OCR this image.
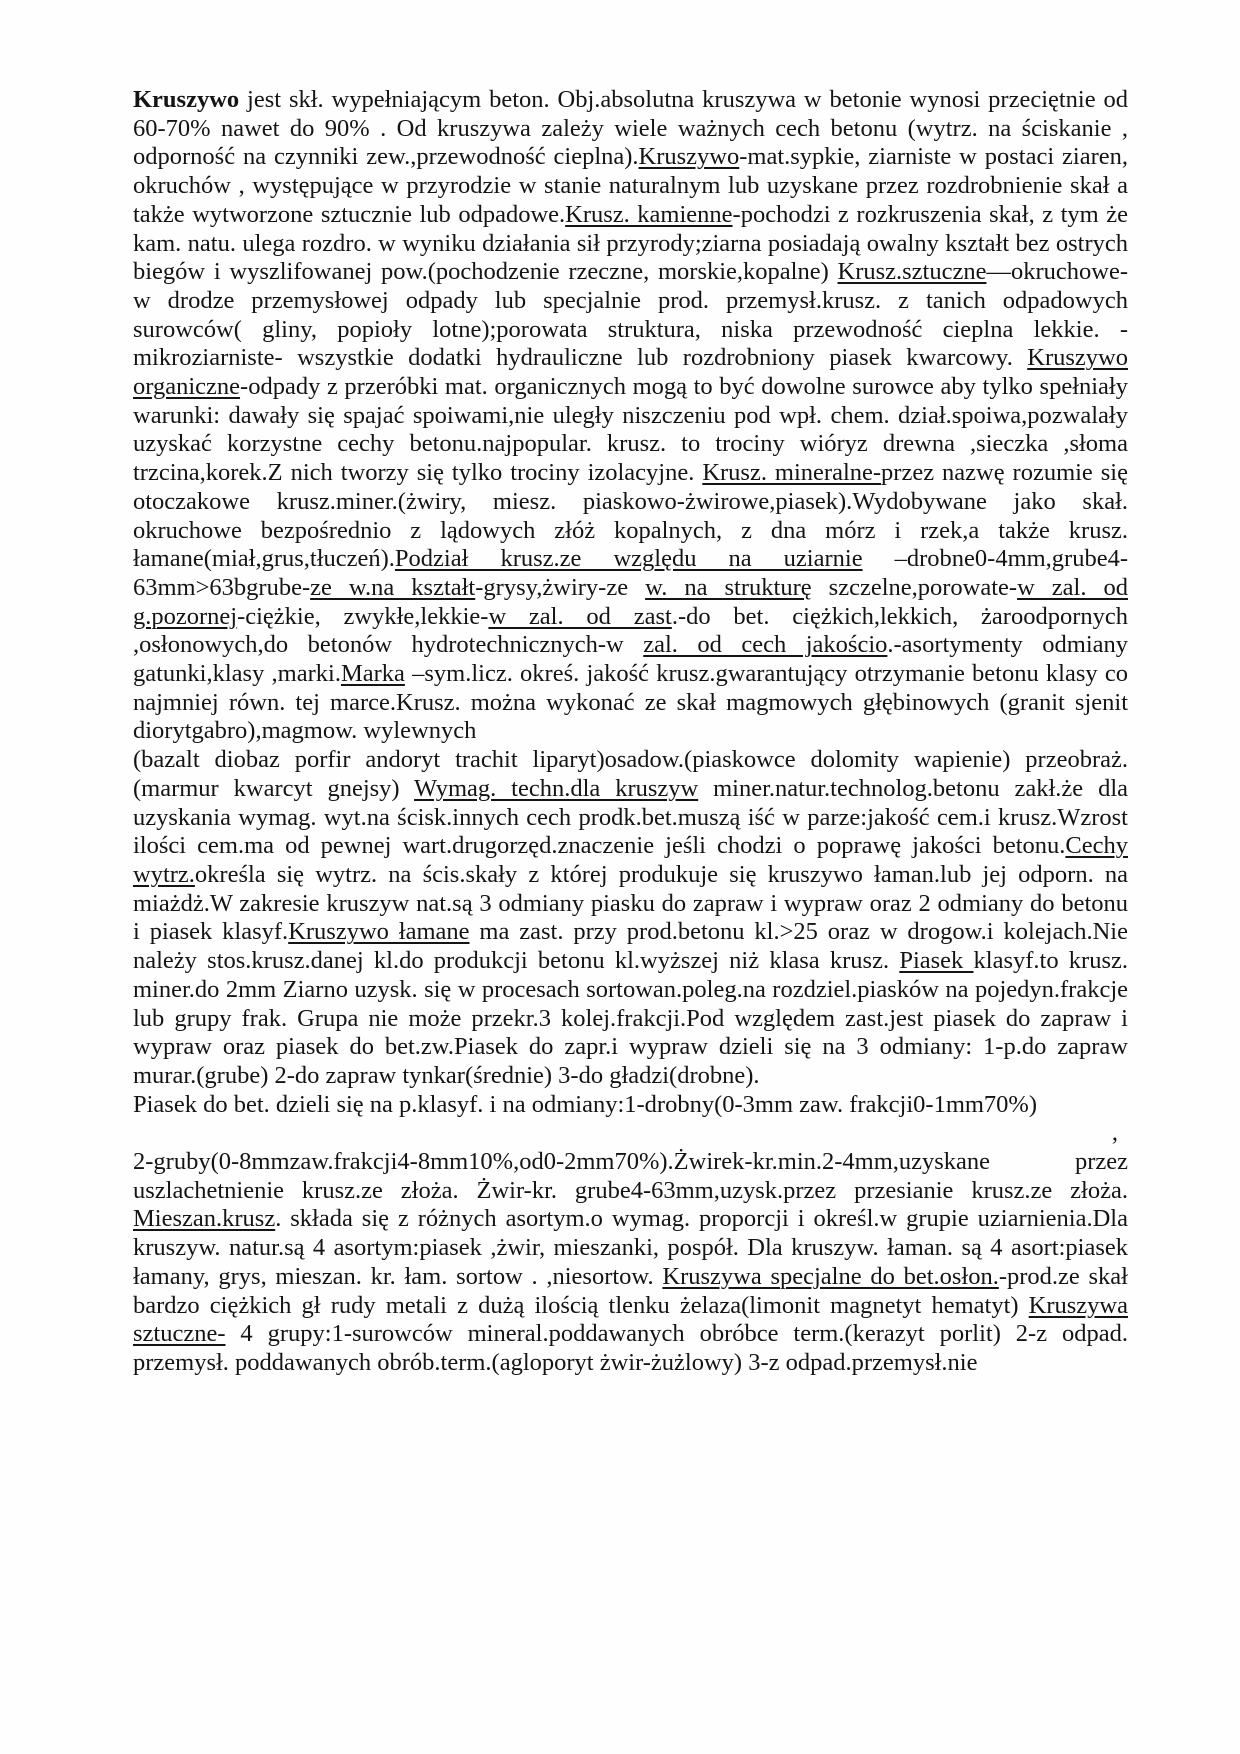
Kruszywo jest skł. wypełniającym beton. Obj.absolutna kruszywa w betonie wynosi przeciętnie od 60-70% nawet do 90% . Od kruszywa zależy wiele ważnych cech betonu (wytrz. na ściskanie , odporność na czynniki zew.,przewodność cieplna).Kruszywo-mat.sypkie, ziarniste w postaci ziaren, okruchów , występujące w przyrodzie w stanie naturalnym lub uzyskane przez rozdrobnienie skał a także wytworzone sztucznie lub odpadowe.Krusz. kamienne-pochodzi z rozkruszenia skał, z tym że kam. natu. ulega rozdro. w wyniku działania sił przyrody;ziarna posiadają owalny kształt bez ostrych biegów i wyszlifowanej pow.(pochodzenie rzeczne, morskie,kopalne) Krusz.sztuczne—okruchowe- w drodze przemysłowej odpady lub specjalnie prod. przemysł.krusz. z tanich odpadowych surowców( gliny, popioły lotne);porowata struktura, niska przewodność cieplna lekkie. -mikroziarniste- wszystkie dodatki hydrauliczne lub rozdrobniony piasek kwarcowy. Kruszywo organiczne-odpady z przeróbki mat. organicznych mogą to być dowolne surowce aby tylko spełniały warunki: dawały się spajać spoiwami,nie uległy niszczeniu pod wpł. chem. dział.spoiwa,pozwalały uzyskać korzystne cechy betonu.najpopular. krusz. to trociny wióryz drewna ,sieczka ,słoma trzcina,korek.Z nich tworzy się tylko trociny izolacyjne. Krusz. mineralne-przez nazwę rozumie się otoczakowe krusz.miner.(żwiry, miesz. piaskowo-żwirowe,piasek).Wydobywane jako skał. okruchowe bezpośrednio z lądowych złóż kopalnych, z dna mórz i rzek,a także krusz. łamane(miał,grus,tłuczeń).Podział krusz.ze względu na uziarnie –drobne0-4mm,grube4-63mm>63bgrube-ze w.na kształt-grysy,żwiry-ze w. na strukturę szczelne,porowate-w zal. od g.pozornej-ciężkie, zwykłe,lekkie-w zal. od zast.-do bet. ciężkich,lekkich, żaroodpornych ,osłonowych,do betonów hydrotechnicznych-w zal. od cech jakościo.-asortymenty odmiany gatunki,klasy ,marki.Marka –sym.licz. okreś. jakość krusz.gwarantujący otrzymanie betonu klasy co najmniej równ. tej marce.Krusz. można wykonać ze skał magmowych głębinowych (granit sjenit diorytgabro),magmow. wylewnych

(bazalt diobaz porfir andoryt trachit liparyt)osadow.(piaskowce dolomity wapienie) przeobraż. (marmur kwarcyt gnejsy) Wymag. techn.dla kruszyw miner.natur.technolog.betonu zakł.że dla uzyskania wymag. wyt.na ścisk.innych cech prodk.bet.muszą iść w parze:jakość cem.i krusz.Wzrost ilości cem.ma od pewnej wart.drugorzęd.znaczenie jeśli chodzi o poprawę jakości betonu.Cechy wytrz.określa się wytrz. na ścis.skały z której produkuje się kruszywo łaman.lub jej odporn. na miażdż.W zakresie kruszyw nat.są 3 odmiany piasku do zapraw i wypraw oraz 2 odmiany do betonu i piasek klasyf.Kruszywo łamane ma zast. przy prod.betonu kl.>25 oraz w drogow.i kolejach.Nie należy stos.krusz.danej kl.do produkcji betonu kl.wyższej niż klasa krusz. Piasek klasyf.to krusz. miner.do 2mm Ziarno uzysk. się w procesach sortowan.poleg.na rozdziel.piasków na pojedyn.frakcje lub grupy frak. Grupa nie może przekr.3 kolej.frakcji.Pod względem zast.jest piasek do zapraw i wypraw oraz piasek do bet.zw.Piasek do zapr.i wypraw dzieli się na 3 odmiany: 1-p.do zapraw murar.(grube) 2-do zapraw tynkar(średnie) 3-do gładzi(drobne).

Piasek do bet. dzieli się na p.klasyf. i na odmiany:1-drobny(0-3mm zaw. frakcji0-1mm70%)

,

2-gruby(0-8mmzaw.frakcji4-8mm10%,od0-2mm70%).Żwirek-kr.min.2-4mm,uzyskane przez uszlachetnienie krusz.ze złoża. Żwir-kr. grube4-63mm,uzysk.przez przesianie krusz.ze złoża. Mieszan.krusz. składa się z różnych asortym.o wymag. proporcji i określ.w grupie uziarnienia.Dla kruszyw. natur.są 4 asortym:piasek ,żwir, mieszanki, pospół. Dla kruszyw. łaman. są 4 asort:piasek łamany, grys, mieszan. kr. łam. sortow . ,niesortow. Kruszywa specjalne do bet.osłon.-prod.ze skał bardzo ciężkich gł rudy metali z dużą ilością tlenku żelaza(limonit magnetyt hematyt) Kruszywa sztuczne- 4 grupy:1-surowców mineral.poddawanych obróbce term.(kerazyt porlit) 2-z odpad. przemysł. poddawanych obrób.term.(agloporyt żwir-żużlowy) 3-z odpad.przemysł.nie
